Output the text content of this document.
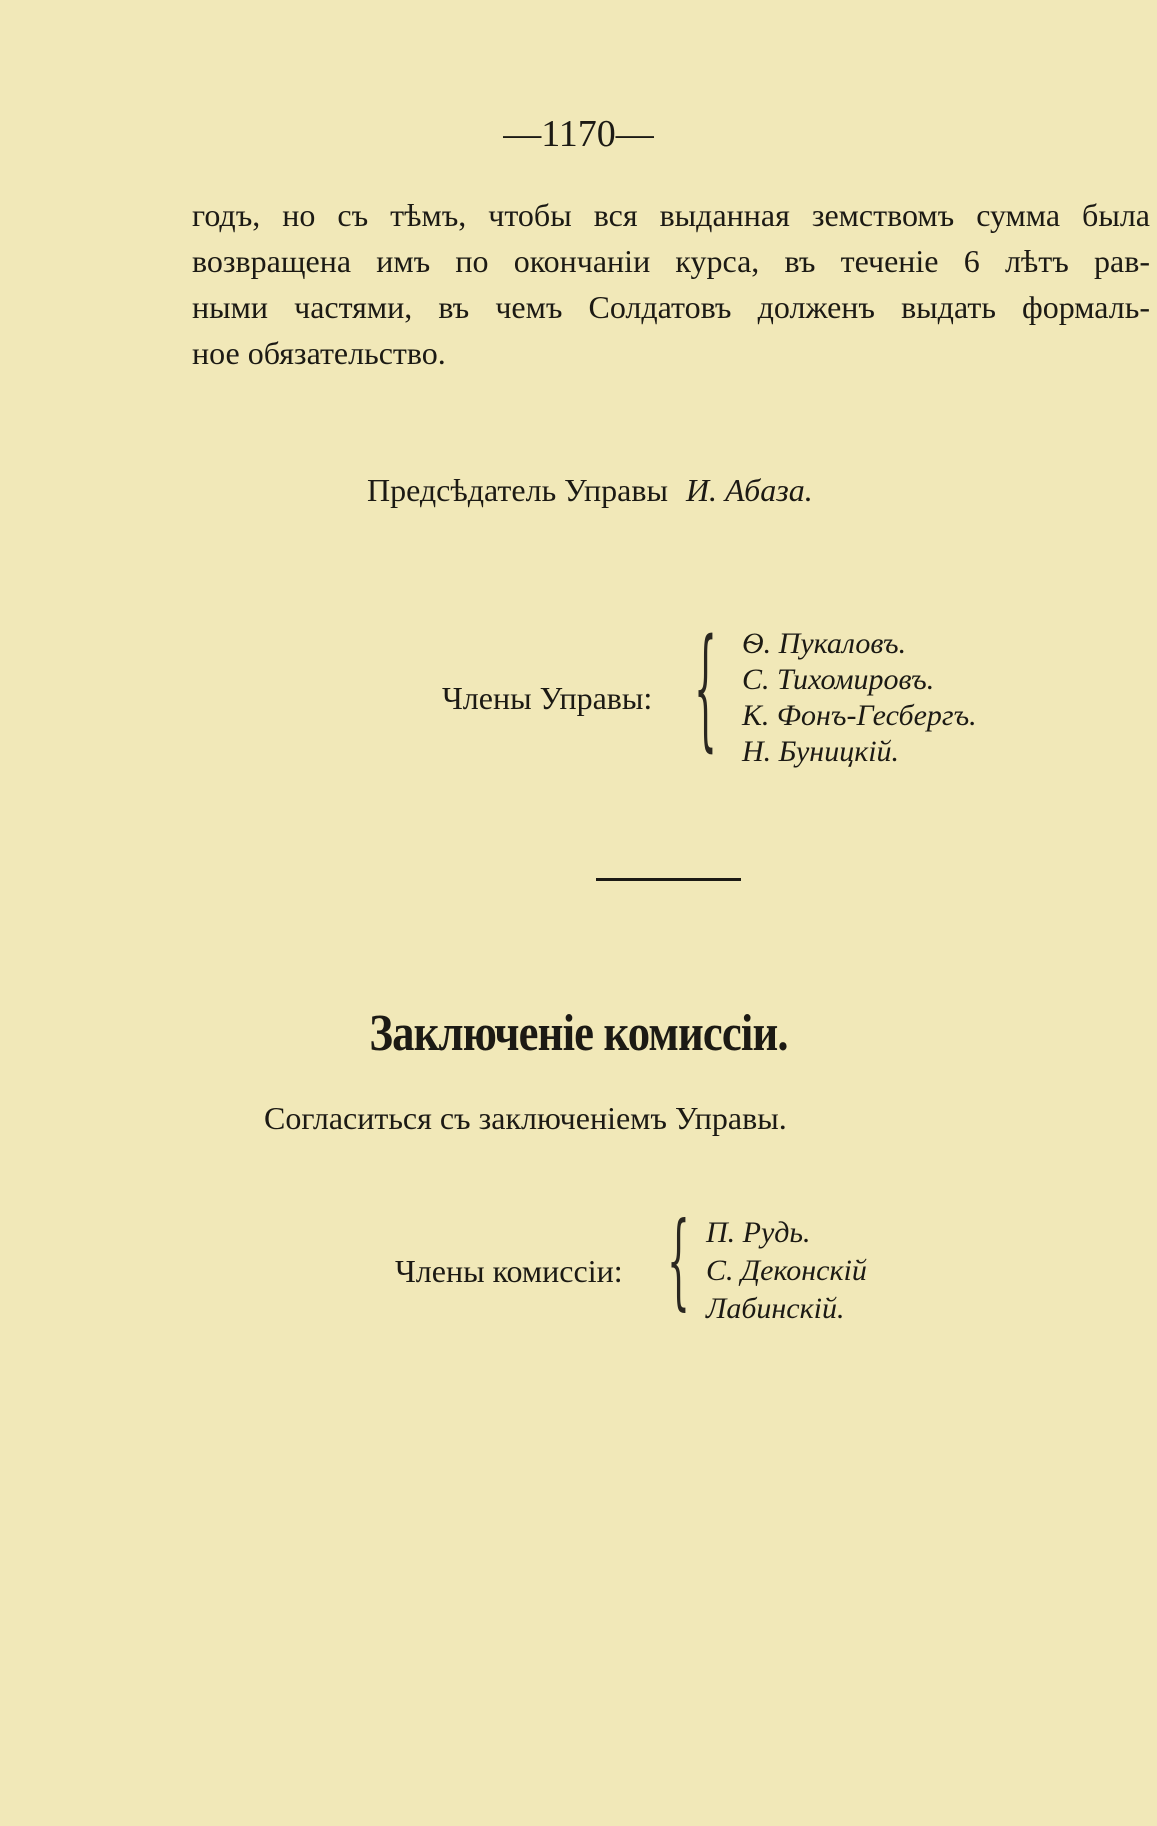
—1170—
годъ, но съ тѣмъ, чтобы вся выданная земствомъ сумма была
возвращена имъ по окончаніи курса, въ теченіе 6 лѣтъ рав-
ными частями, въ чемъ Солдатовъ долженъ выдать формаль-
ное обязательство.
Предсѣдатель Управы И. Абаза.
Члены Управы: { Ѳ. Пукаловъ.
С. Тихомировъ.
К. Фонъ-Гесбергъ.
Н. Буницкій.
Заключеніе комиссіи.
Согласиться съ заключеніемъ Управы.
Члены комиссіи: { П. Рудь.
С. Деконскій
Лабинскій.
